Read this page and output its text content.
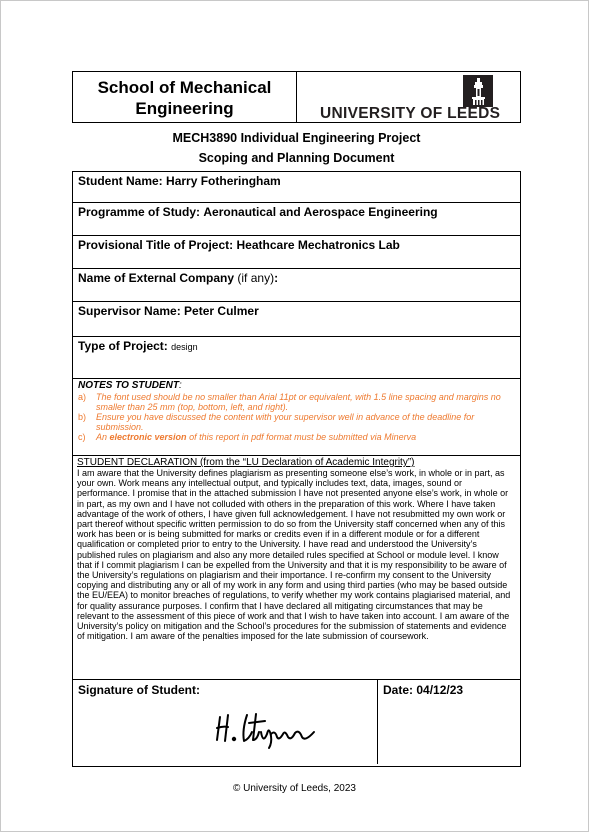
School of Mechanical Engineering	UNIVERSITY OF LEEDS
MECH3890 Individual Engineering Project
Scoping and Planning Document
Student Name: Harry Fotheringham
Programme of Study: Aeronautical and Aerospace Engineering
Provisional Title of Project: Heathcare Mechatronics Lab
Name of External Company (if any):
Supervisor Name: Peter Culmer
Type of Project: design
NOTES TO STUDENT:
a) The font used should be no smaller than Arial 11pt or equivalent, with 1.5 line spacing and margins no smaller than 25 mm (top, bottom, left, and right).
b) Ensure you have discussed the content with your supervisor well in advance of the deadline for submission.
c) An electronic version of this report in pdf format must be submitted via Minerva
STUDENT DECLARATION (from the “LU Declaration of Academic Integrity”)
I am aware that the University defines plagiarism as presenting someone else’s work, in whole or in part, as your own. Work means any intellectual output, and typically includes text, data, images, sound or performance. I promise that in the attached submission I have not presented anyone else’s work, in whole or in part, as my own and I have not colluded with others in the preparation of this work. Where I have taken advantage of the work of others, I have given full acknowledgement. I have not resubmitted my own work or part thereof without specific written permission to do so from the University staff concerned when any of this work has been or is being submitted for marks or credits even if in a different module or for a different qualification or completed prior to entry to the University. I have read and understood the University’s published rules on plagiarism and also any more detailed rules specified at School or module level. I know that if I commit plagiarism I can be expelled from the University and that it is my responsibility to be aware of the University’s regulations on plagiarism and their importance. I re-confirm my consent to the University copying and distributing any or all of my work in any form and using third parties (who may be based outside the EU/EEA) to monitor breaches of regulations, to verify whether my work contains plagiarised material, and for quality assurance purposes. I confirm that I have declared all mitigating circumstances that may be relevant to the assessment of this piece of work and that I wish to have taken into account. I am aware of the University’s policy on mitigation and the School’s procedures for the submission of statements and evidence of mitigation. I am aware of the penalties imposed for the late submission of coursework.
Signature of Student:	Date: 04/12/23
© University of Leeds, 2023
